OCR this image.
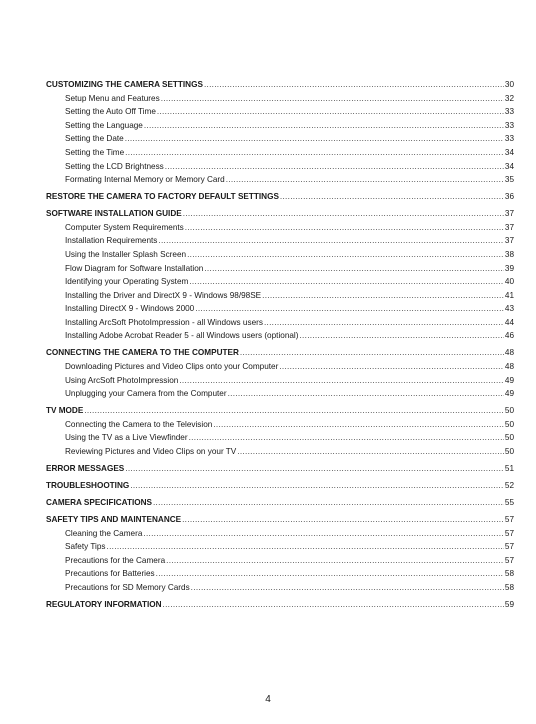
CUSTOMIZING THE CAMERA SETTINGS .....	30
Setup Menu and Features .....	32
Setting the Auto Off Time .....	33
Setting the Language .....	33
Setting the Date .....	33
Setting the Time .....	34
Setting the LCD Brightness .....	34
Formating Internal Memory or Memory Card .....	35
RESTORE THE CAMERA TO FACTORY DEFAULT SETTINGS .....	36
SOFTWARE INSTALLATION GUIDE .....	37
Computer System Requirements .....	37
Installation Requirements .....	37
Using the Installer Splash Screen .....	38
Flow Diagram for Software Installation .....	39
Identifying your Operating System .....	40
Installing the Driver and DirectX 9 - Windows 98/98SE .....	41
Installing DirectX 9 - Windows 2000 .....	43
Installing ArcSoft PhotoImpression - all Windows users .....	44
Installing Adobe Acrobat Reader 5 - all Windows users (optional) .....	46
CONNECTING THE CAMERA TO THE COMPUTER .....	48
Downloading Pictures and Video Clips onto your Computer .....	48
Using ArcSoft PhotoImpression .....	49
Unplugging your Camera from the Computer .....	49
TV MODE .....	50
Connecting the Camera to the Television .....	50
Using the TV as a Live Viewfinder .....	50
Reviewing Pictures and Video Clips on your TV .....	50
ERROR MESSAGES .....	51
TROUBLESHOOTING .....	52
CAMERA SPECIFICATIONS .....	55
SAFETY TIPS AND MAINTENANCE .....	57
Cleaning the Camera .....	57
Safety Tips .....	57
Precautions for the Camera .....	57
Precautions for Batteries .....	58
Precautions for SD Memory Cards .....	58
REGULATORY INFORMATION .....	59
4
